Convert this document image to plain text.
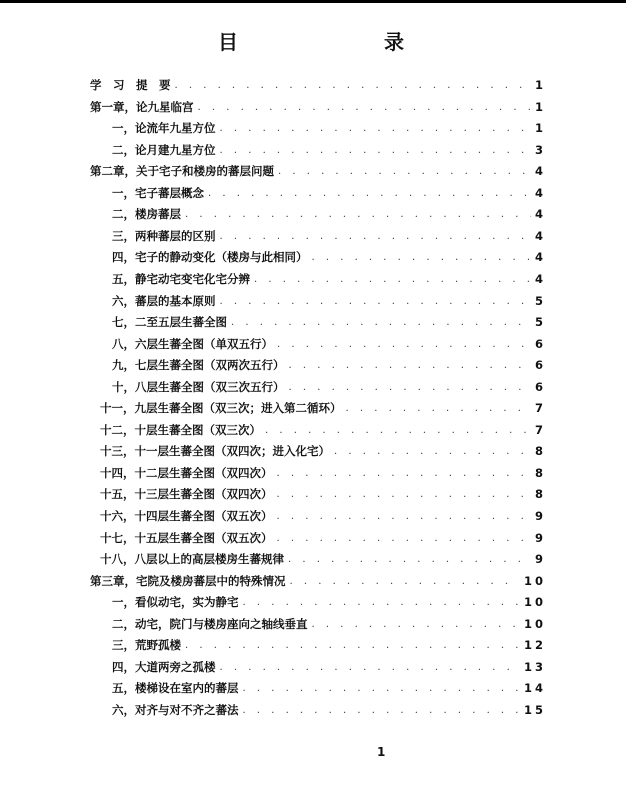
目	录
学　习　提　要 . . .	1
第一章，论九星临宫 . . .	1
一， 论流年九星方位 . . .	1
二， 论月建九星方位 . . .	3
第二章，关于宅子和楼房的蕃层问题 . . .	4
一， 宅子蕃层概念 . . .	4
二， 楼房蕃层 . . .	4
三， 两种蕃层的区别 . . .	4
四， 宅子的静动变化（楼房与此相同） . . .	4
五， 静宅动宅变宅化宅分辨 . . .	4
六， 蕃层的基本原则 . . .	5
七， 二至五层生蕃全图 . . .	5
八， 六层生蕃全图（单双五行） . . .	6
九， 七层生蕃全图（双两次五行） . . .	6
十， 八层生蕃全图（双三次五行） . . .	6
十一， 九层生蕃全图（双三次；进入第二循环） . . .	7
十二， 十层生蕃全图（双三次） . . .	7
十三， 十一层生蕃全图（双四次；进入化宅） . . .	8
十四， 十二层生蕃全图（双四次） . . .	8
十五， 十三层生蕃全图（双四次） . . .	8
十六， 十四层生蕃全图（双五次） . . .	9
十七， 十五层生蕃全图（双五次） . . .	9
十八， 八层以上的高层楼房生蕃规律 . . .	9
第三章，宅院及楼房蕃层中的特殊情况 . . .	10
一， 看似动宅，实为静宅 . . .	10
二， 动宅，院门与楼房座向之轴线垂直 . . .	10
三， 荒野孤楼 . . .	12
四， 大道两旁之孤楼 . . .	13
五， 楼梯设在室内的蕃层 . . .	14
六， 对齐与对不齐之蕃法 . . .	15
1
